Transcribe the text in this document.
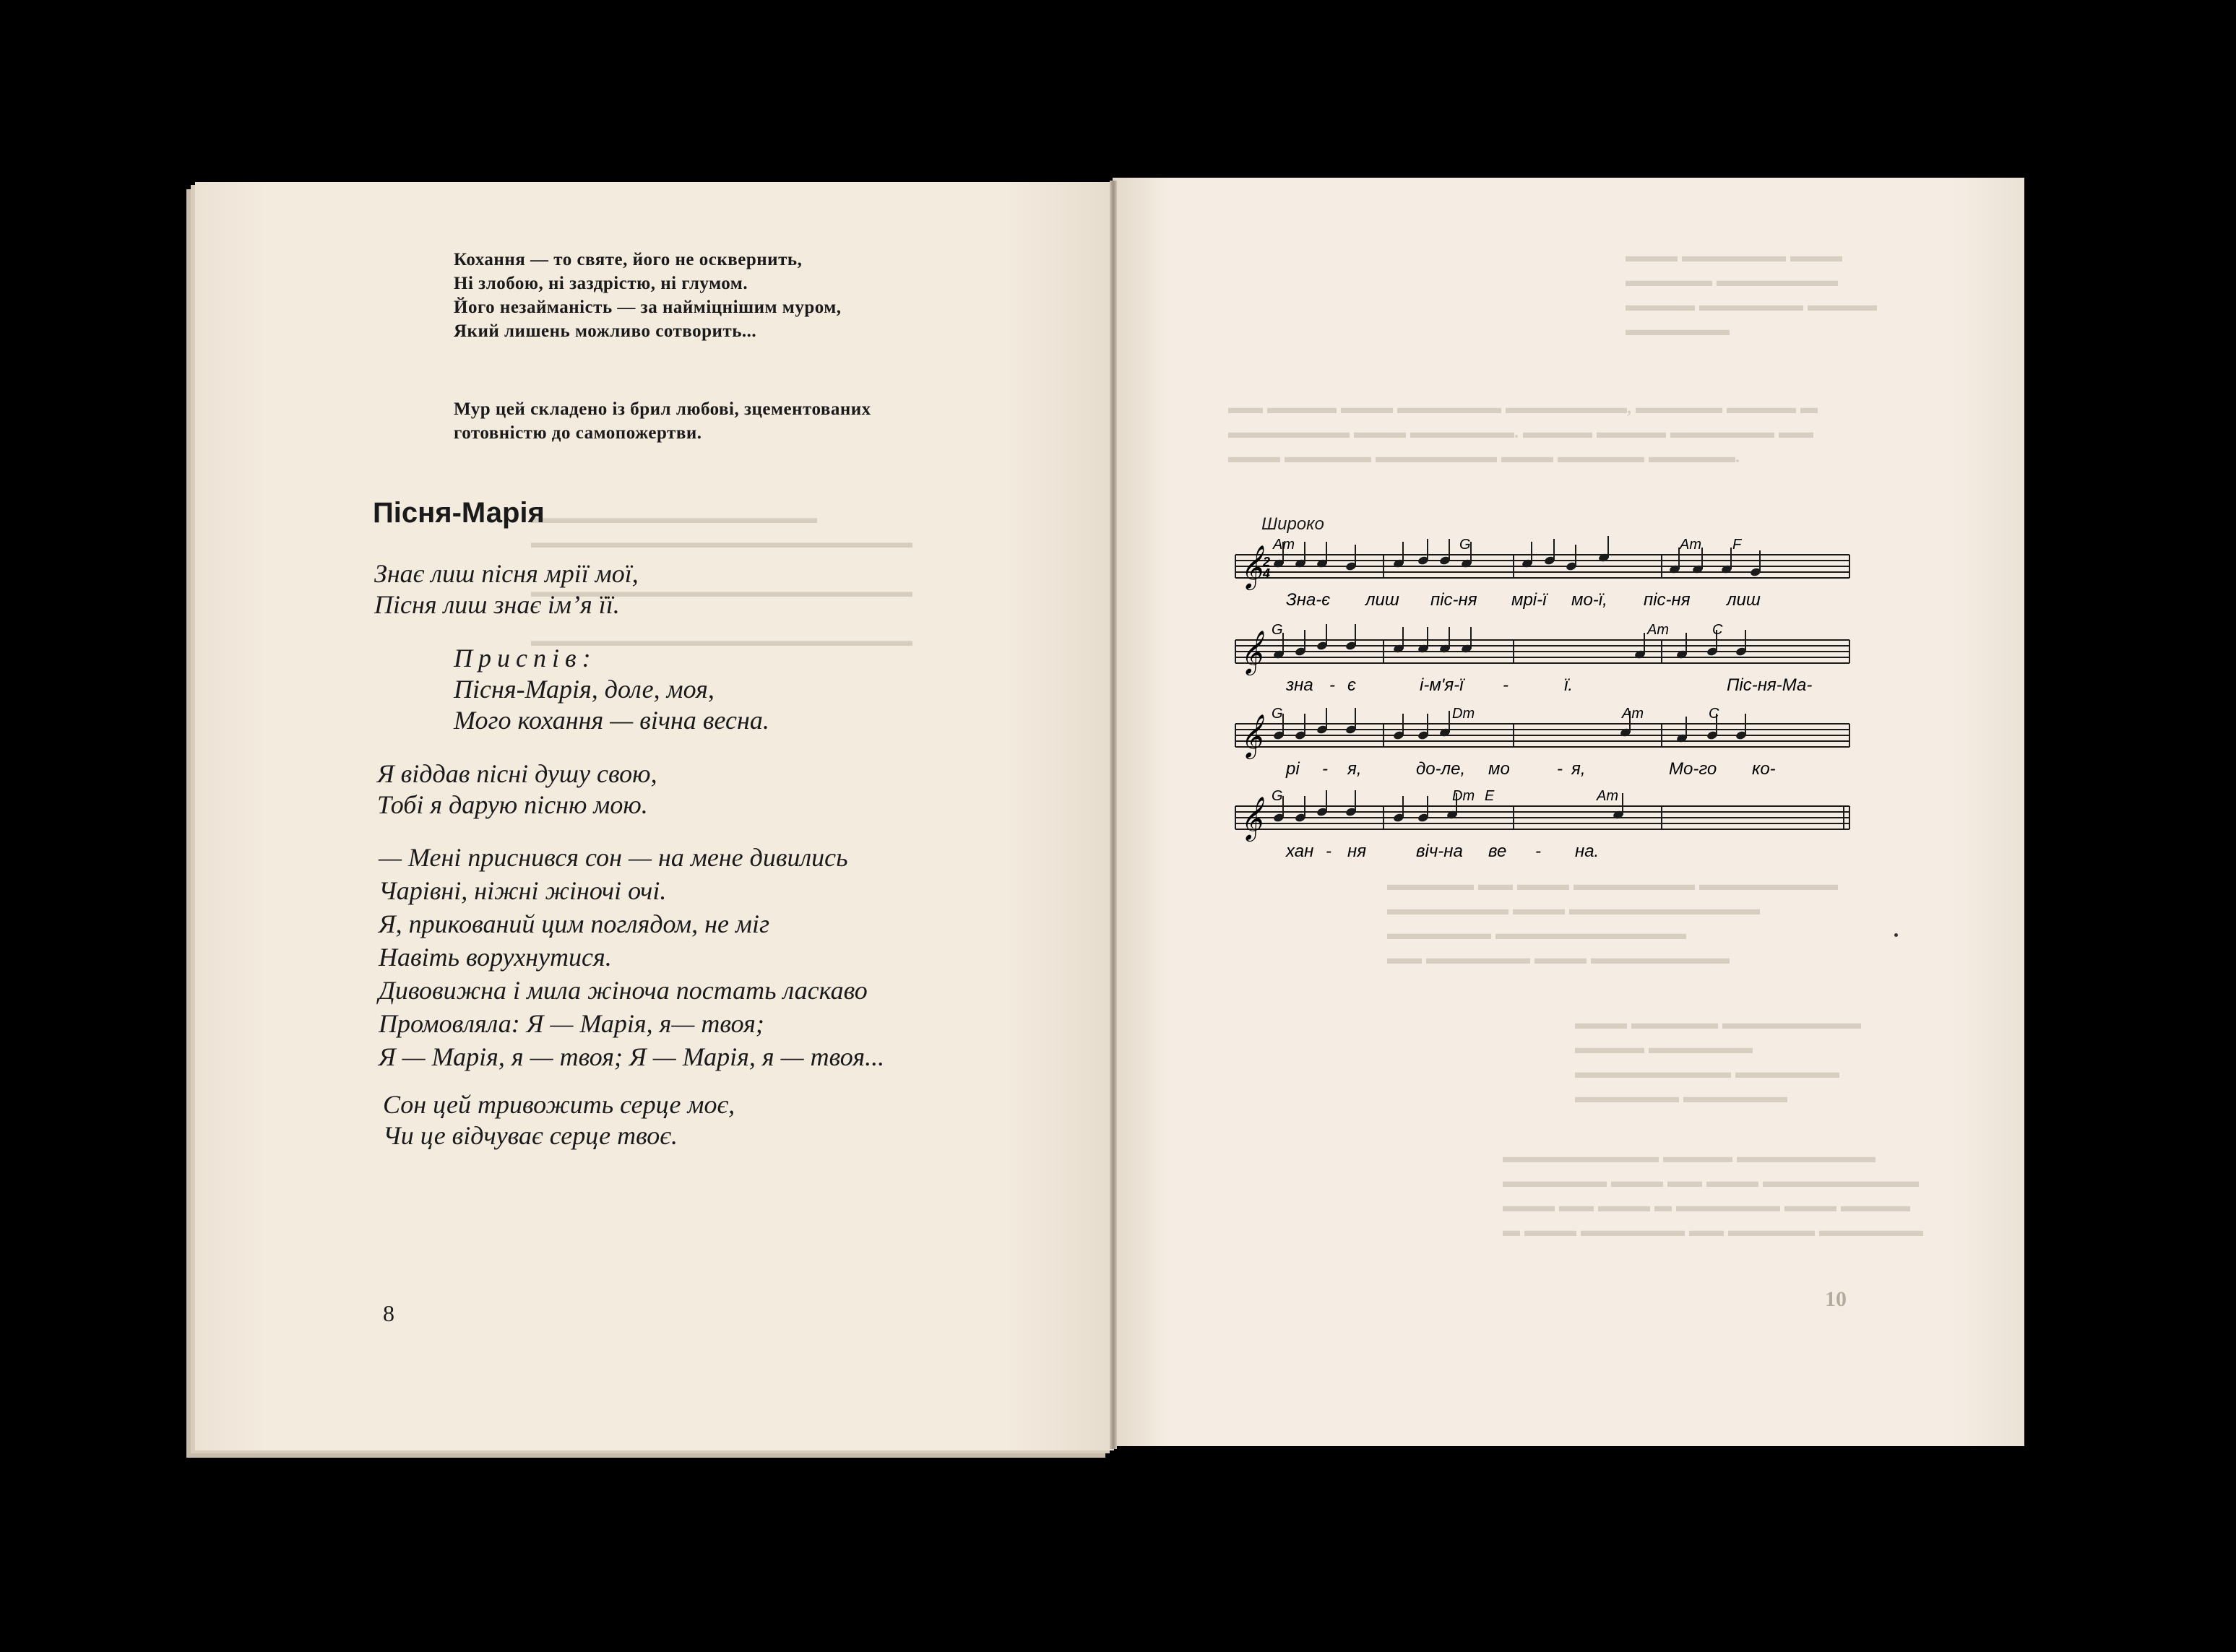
▬▬▬ ▬▬▬▬▬▬ ▬▬▬
▬▬▬▬▬ ▬▬▬▬▬▬▬
▬▬▬▬ ▬▬▬▬▬▬ ▬▬▬▬
▬▬▬▬▬▬
▬▬ ▬▬▬▬ ▬▬▬ ▬▬▬▬▬▬ ▬▬▬▬▬▬▬, ▬▬▬▬▬ ▬▬▬▬ ▬
▬▬▬▬▬▬▬ ▬▬▬ ▬▬▬▬▬▬. ▬▬▬▬ ▬▬▬▬ ▬▬▬▬▬▬ ▬▬
▬▬▬ ▬▬▬▬▬ ▬▬▬▬▬▬▬ ▬▬▬ ▬▬▬▬▬ ▬▬▬▬▬.
▬▬▬▬▬ ▬▬ ▬▬▬ ▬▬▬▬▬▬▬ ▬▬▬▬▬▬▬▬
▬▬▬▬▬▬▬ ▬▬▬ ▬▬▬▬▬▬▬▬▬▬▬
▬▬▬▬▬▬ ▬▬▬▬▬▬▬▬▬▬▬
▬▬ ▬▬▬▬▬▬ ▬▬▬ ▬▬▬▬▬▬▬▬
▬▬▬ ▬▬▬▬▬ ▬▬▬▬▬▬▬▬
▬▬▬▬ ▬▬▬▬▬▬
▬▬▬▬▬▬▬▬▬ ▬▬▬▬▬▬
▬▬▬▬▬▬ ▬▬▬▬▬▬
▬▬▬▬▬▬▬▬▬ ▬▬▬▬ ▬▬▬▬▬▬▬▬
▬▬▬▬▬▬ ▬▬▬ ▬▬ ▬▬▬ ▬▬▬▬▬▬▬▬▬
▬▬▬ ▬▬ ▬▬▬ ▬ ▬▬▬▬▬▬ ▬▬▬ ▬▬▬▬
▬ ▬▬▬ ▬▬▬▬▬▬ ▬▬ ▬▬▬▬▬ ▬▬▬▬▬▬
▬▬▬▬▬▬▬▬▬▬▬▬▬▬▬▬▬▬
▬▬▬▬▬▬▬▬▬▬▬▬▬▬▬▬▬▬▬▬▬▬▬▬

▬▬▬▬▬▬▬▬▬▬▬▬▬▬▬▬▬▬▬▬▬▬▬▬

▬▬▬▬▬▬▬▬▬▬▬▬▬▬▬▬▬▬▬▬▬▬▬▬
Кохання — то святе, його не осквернить,
Ні злобою, ні заздрістю, ні глумом.
Його незайманість — за найміцнішим муром,
Який лишень можливо сотворить...
Мур цей складено із брил любові, зцементованих
готовністю до самопожертви.
Пісня-Марія
Знає лиш пісня мрії мої,
Пісня лиш знає ім’я її.
Приспів:
Пісня-Марія, доле, моя,
Мого кохання — вічна весна.
Я віддав пісні душу свою,
Тобі я дарую пісню мою.
— Мені приснився сон — на мене дивились
Чарівні, ніжні жіночі очі.
Я, прикований цим поглядом, не міг
Навіть ворухнутися.
Дивовижна і мила жіноча постать ласкаво
Промовляла: Я — Марія, я— твоя;
Я — Марія, я — твоя; Я — Марія, я — твоя...
Сон цей тривожить серце моє,
Чи це відчуває серце твоє.
8
Широко
𝄞
Am	G	Am F
Зна-є лиш піс-ня мрі-ї мо-ї, піс-ня лиш
𝄞
G	Am	C
зна - є	і-м'я-ї -	ї.	Піс-ня-Ма-
𝄞
G	Dm	Am	C
рі - я,	до-ле, мо	- я,	Мо-го ко-
𝄞
G	Dm E	Am
хан - ня	віч-на ве - на.
2
4
10
